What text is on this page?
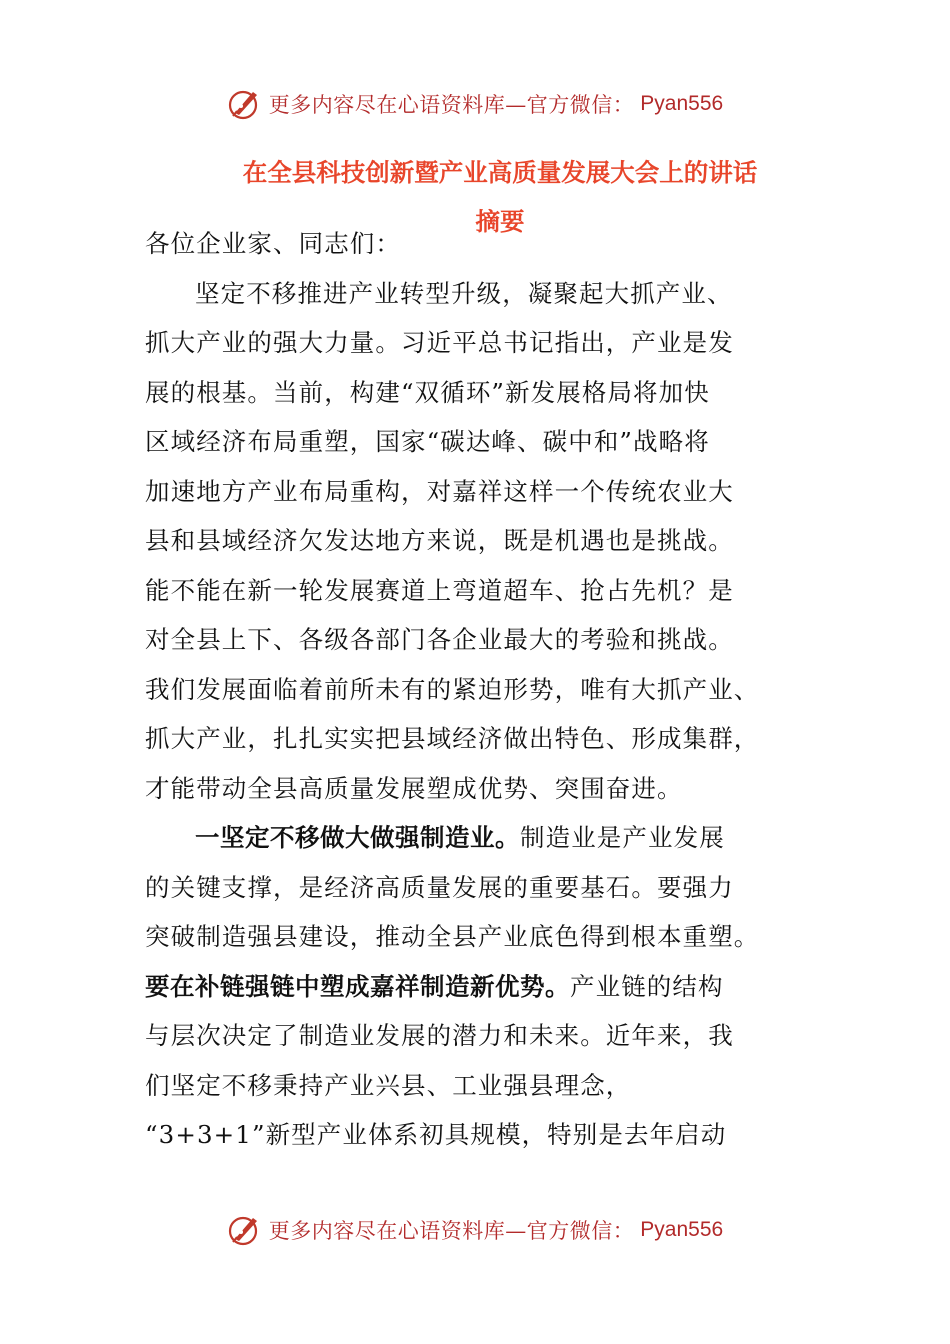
更多内容尽在心语资料库—官方微信： Pyan556
在全县科技创新暨产业高质量发展大会上的讲话
摘要

各位企业家、同志们：

坚定不移推进产业转型升级，凝聚起大抓产业、

抓大产业的强大力量。习近平总书记指出，产业是发

展的根基。当前，构建“双循环”新发展格局将加快

区域经济布局重塑，国家“碳达峰、碳中和”战略将

加速地方产业布局重构，对嘉祥这样一个传统农业大

县和县域经济欠发达地方来说，既是机遇也是挑战。

能不能在新一轮发展赛道上弯道超车、抢占先机？是

对全县上下、各级各部门各企业最大的考验和挑战。

我们发展面临着前所未有的紧迫形势，唯有大抓产业、

抓大产业，扎扎实实把县域经济做出特色、形成集群，

才能带动全县高质量发展塑成优势、突围奋进。

一坚定不移做大做强制造业。制造业是产业发展

的关键支撑，是经济高质量发展的重要基石。要强力

突破制造强县建设，推动全县产业底色得到根本重塑。

要在补链强链中塑成嘉祥制造新优势。产业链的结构

与层次决定了制造业发展的潜力和未来。近年来，我

们坚定不移秉持产业兴县、工业强县理念，

“3+3+1”新型产业体系初具规模，特别是去年启动

更多内容尽在心语资料库—官方微信： Pyan556
